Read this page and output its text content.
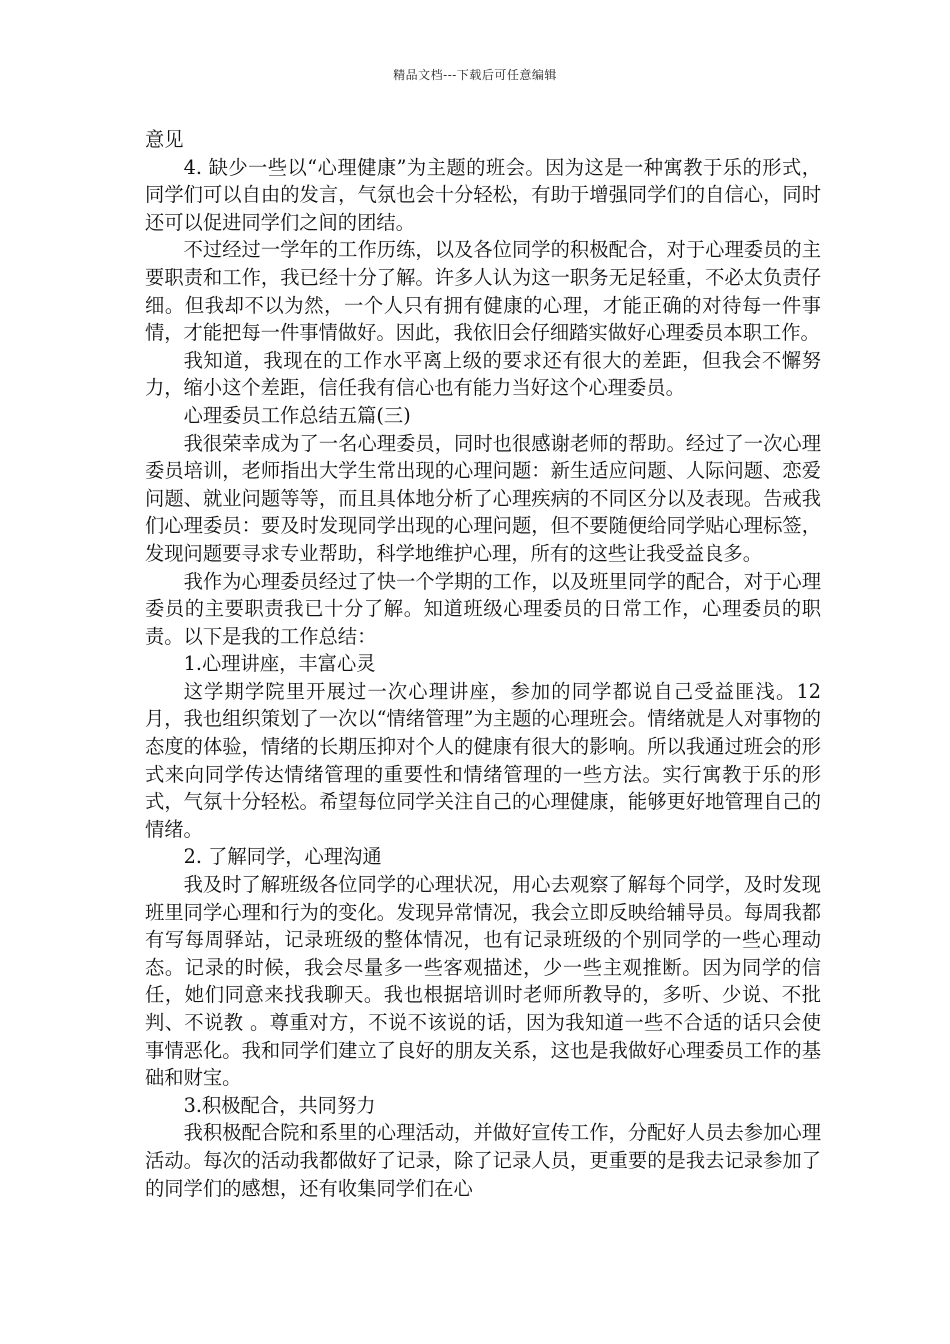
精品文档---下载后可任意编辑

意见

4. 缺少一些以“心理健康”为主题的班会。因为这是一种寓教于乐的形式，同学们可以自由的发言，气氛也会十分轻松，有助于增强同学们的自信心，同时还可以促进同学们之间的团结。

不过经过一学年的工作历练，以及各位同学的积极配合，对于心理委员的主要职责和工作，我已经十分了解。许多人认为这一职务无足轻重，不必太负责仔细。但我却不以为然，一个人只有拥有健康的心理，才能正确的对待每一件事情，才能把每一件事情做好。因此，我依旧会仔细踏实做好心理委员本职工作。

我知道，我现在的工作水平离上级的要求还有很大的差距，但我会不懈努力，缩小这个差距，信任我有信心也有能力当好这个心理委员。

心理委员工作总结五篇(三)

我很荣幸成为了一名心理委员，同时也很感谢老师的帮助。经过了一次心理委员培训，老师指出大学生常出现的心理问题：新生适应问题、人际问题、恋爱问题、就业问题等等，而且具体地分析了心理疾病的不同区分以及表现。告戒我们心理委员：要及时发现同学出现的心理问题，但不要随便给同学贴心理标签，发现问题要寻求专业帮助，科学地维护心理，所有的这些让我受益良多。

我作为心理委员经过了快一个学期的工作，以及班里同学的配合，对于心理委员的主要职责我已十分了解。知道班级心理委员的日常工作，心理委员的职责。以下是我的工作总结：

1.心理讲座，丰富心灵

这学期学院里开展过一次心理讲座，参加的同学都说自己受益匪浅。12月，我也组织策划了一次以“情绪管理”为主题的心理班会。情绪就是人对事物的态度的体验，情绪的长期压抑对个人的健康有很大的影响。所以我通过班会的形式来向同学传达情绪管理的重要性和情绪管理的一些方法。实行寓教于乐的形式，气氛十分轻松。希望每位同学关注自己的心理健康，能够更好地管理自己的情绪。

2. 了解同学，心理沟通

我及时了解班级各位同学的心理状况，用心去观察了解每个同学，及时发现班里同学心理和行为的变化。发现异常情况，我会立即反映给辅导员。每周我都有写每周驿站，记录班级的整体情况，也有记录班级的个别同学的一些心理动态。记录的时候，我会尽量多一些客观描述，少一些主观推断。因为同学的信任，她们同意来找我聊天。我也根据培训时老师所教导的，多听、少说、不批判、不说教 。尊重对方，不说不该说的话，因为我知道一些不合适的话只会使事情恶化。我和同学们建立了良好的朋友关系，这也是我做好心理委员工作的基础和财宝。

3.积极配合，共同努力

我积极配合院和系里的心理活动，并做好宣传工作，分配好人员去参加心理活动。每次的活动我都做好了记录，除了记录人员，更重要的是我去记录参加了的同学们的感想，还有收集同学们在心
